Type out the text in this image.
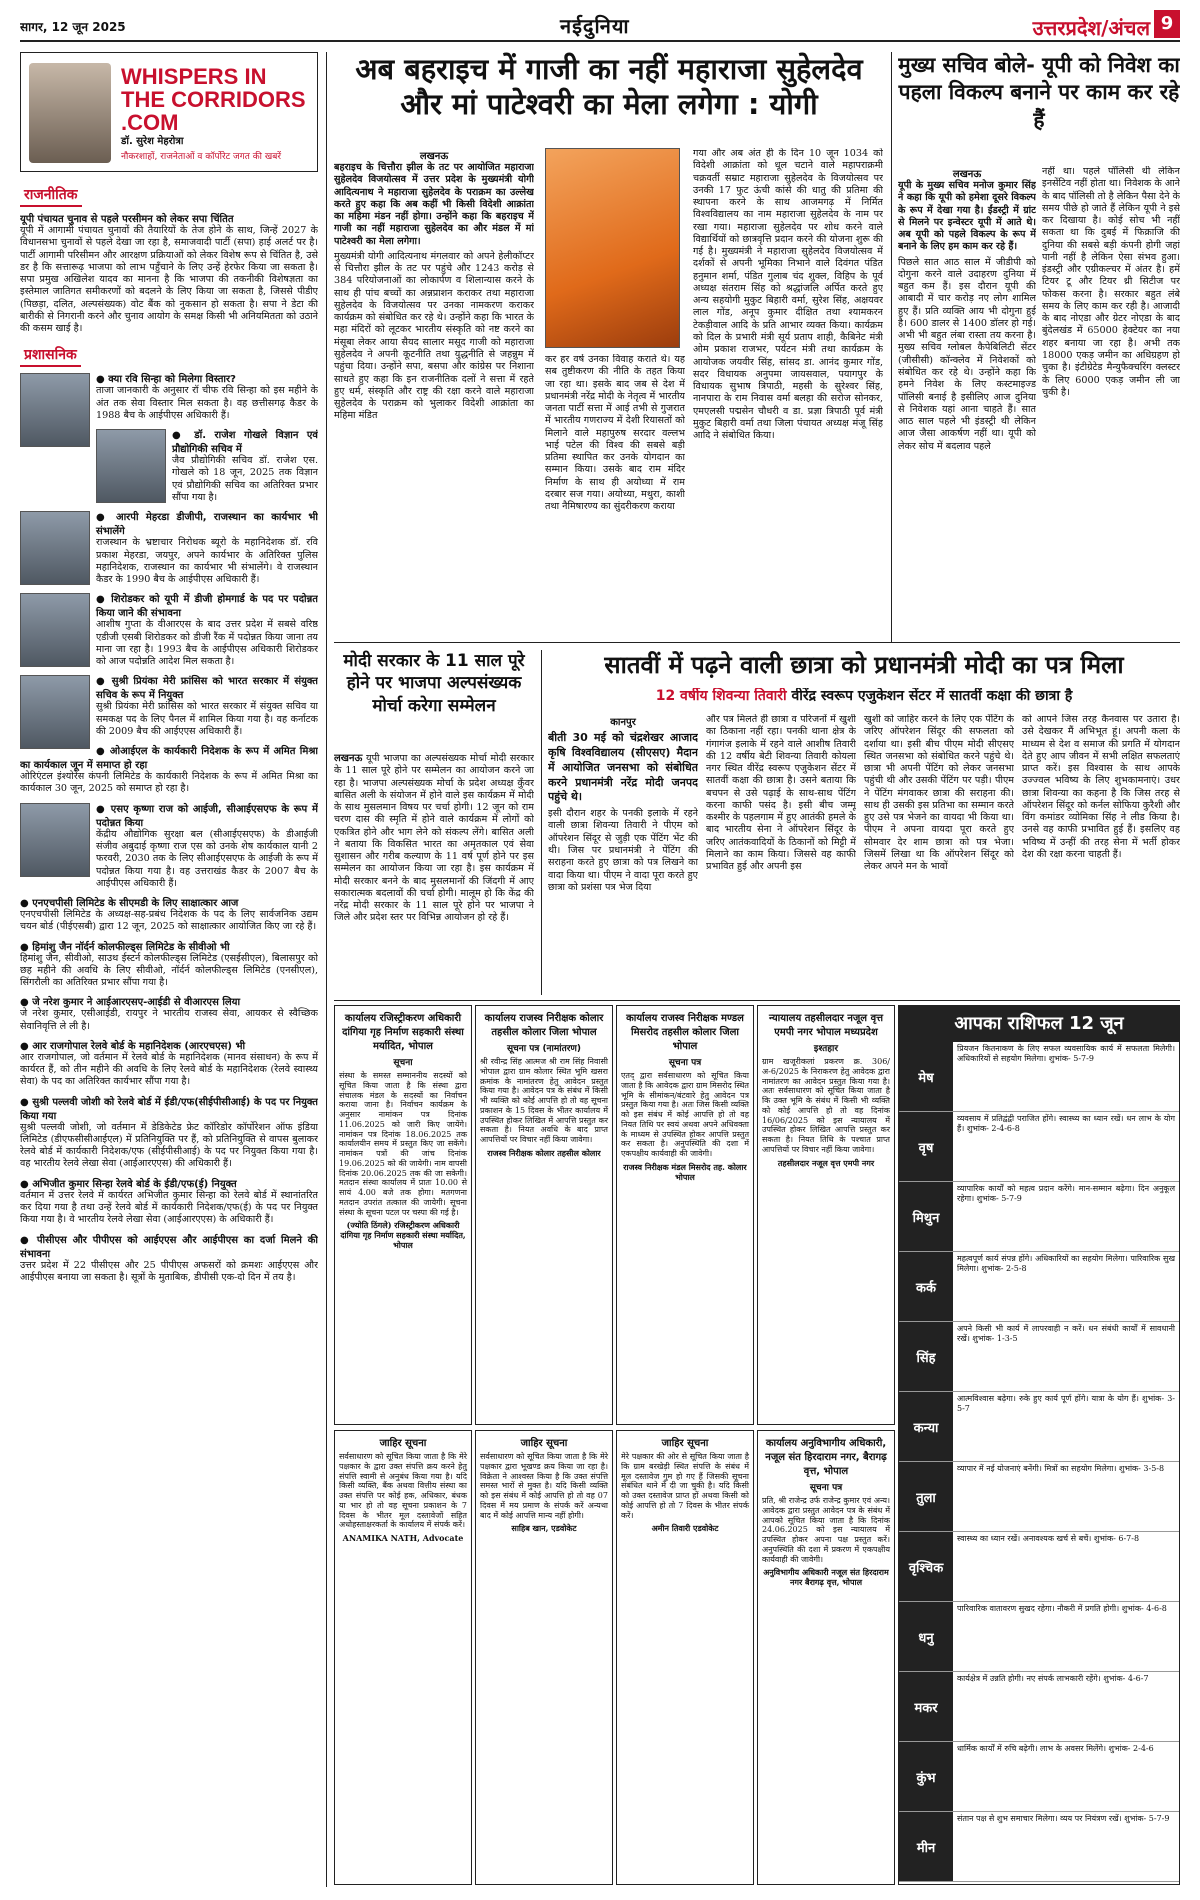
सागर, 12 जून 2025	नईदुनिया	उत्तरप्रदेश/अंचल 9
WHISPERS IN THE CORRIDORS .COM
डॉ. सुरेश मेहरोत्रा
नौकरशाहों, राजनेताओं व कॉर्पोरेट जगत की खबरें
राजनीतिक
यूपी पंचायत चुनाव से पहले परसीमन को लेकर सपा चिंतित
यूपी में आगामी पंचायत चुनावों की तैयारियों के तेज होने के साथ, जिन्हें 2027 के विधानसभा चुनावों से पहले देखा जा रहा है, समाजवादी पार्टी (सपा) हाई अलर्ट पर है। पार्टी आगामी परिसीमन और आरक्षण प्रक्रियाओं को लेकर विशेष रूप से चिंतित है, उसे डर है कि सत्तारूढ़ भाजपा को लाभ पहुँचाने के लिए उन्हें हेरफेर किया जा सकता है। सपा प्रमुख अखिलेश यादव का मानना है कि भाजपा की तकनीकी विशेषज्ञता का इस्तेमाल जातिगत समीकरणों को बदलने के लिए किया जा सकता है, जिससे पीडीए (पिछड़ा, दलित, अल्पसंख्यक) वोट बैंक को नुकसान हो सकता है। सपा ने डेटा की बारीकी से निगरानी करने और चुनाव आयोग के समक्ष किसी भी अनियमितता को उठाने की कसम खाई है।
प्रशासनिक
● क्या रवि सिन्हा को मिलेगा विस्तार?
ताजा जानकारी के अनुसार रॉ चीफ रवि सिन्हा को इस महीने के अंत तक सेवा विस्तार मिल सकता है। वह छत्तीसगढ़ कैडर के 1988 बैच के आईपीएस अधिकारी हैं।
● डॉ. राजेश गोखले विज्ञान एवं प्रौद्योगिकी सचिव में
जैव प्रौद्योगिकी सचिव डॉ. राजेश एस. गोखले को 18 जून, 2025 तक विज्ञान एवं प्रौद्योगिकी सचिव का अतिरिक्त प्रभार सौंपा गया है।
● आरपी मेहरडा डीजीपी, राजस्थान का कार्यभार भी संभालेंगे
राजस्थान के भ्रष्टाचार निरोधक ब्यूरो के महानिदेशक डॉ. रवि प्रकाश मेहरडा, जयपुर, अपने कार्यभार के अतिरिक्त पुलिस महानिदेशक, राजस्थान का कार्यभार भी संभालेंगे। वे राजस्थान कैडर के 1990 बैच के आईपीएस अधिकारी हैं।
● शिरोडकर को यूपी में डीजी होमगार्ड के पद पर पदोन्नत किया जाने की संभावना
आशीष गुप्ता के वीआरएस के बाद उत्तर प्रदेश में सबसे वरिष्ठ एडीजी एसबी शिरोडकर को डीजी रैंक में पदोन्नत किया जाना तय माना जा रहा है। 1993 बैच के आईपीएस अधिकारी शिरोडकर को आज पदोन्नति आदेश मिल सकता है।
● सुश्री प्रियंका मेरी फ्रांसिस को भारत सरकार में संयुक्त सचिव के रूप में नियुक्त
सुश्री प्रियंका मेरी फ्रांसिस को भारत सरकार में संयुक्त सचिव या समकक्ष पद के लिए पैनल में शामिल किया गया है। वह कर्नाटक की 2009 बैच की आईएएस अधिकारी हैं।
● ओआईएल के कार्यकारी निदेशक के रूप में अमित मिश्रा का कार्यकाल जून में समाप्त हो रहा
ओरिएंटल इंश्योरेंस कंपनी लिमिटेड के कार्यकारी निदेशक के रूप में अमित मिश्रा का कार्यकाल 30 जून, 2025 को समाप्त हो रहा है।
● एसए कृष्णा राज को आईजी, सीआईएसएफ के रूप में पदोन्नत किया
केंद्रीय औद्योगिक सुरक्षा बल (सीआईएसएफ) के डीआईजी संजीव अबुदाई कृष्णा राज एस को उनके शेष कार्यकाल यानी 2 फरवरी, 2030 तक के लिए सीआईएसएफ के आईजी के रूप में पदोन्नत किया गया है। वह उत्तराखंड कैडर के 2007 बैच के आईपीएस अधिकारी हैं।
● एनएचपीसी लिमिटेड के सीएमडी के लिए साक्षात्कार आज
एनएचपीसी लिमिटेड के अध्यक्ष-सह-प्रबंध निदेशक के पद के लिए सार्वजनिक उद्यम चयन बोर्ड (पीईएसबी) द्वारा 12 जून, 2025 को साक्षात्कार आयोजित किए जा रहे हैं।
● हिमांशु जैन नॉर्दर्न कोलफील्ड्स लिमिटेड के सीवीओ भी
हिमांशु जैन, सीवीओ, साउथ ईस्टर्न कोलफील्ड्स लिमिटेड (एसईसीएल), बिलासपुर को छह महीने की अवधि के लिए सीवीओ, नॉर्दर्न कोलफील्ड्स लिमिटेड (एनसीएल), सिंगरौली का अतिरिक्त प्रभार सौंपा गया है।
● जे नरेश कुमार ने आईआरएसए-आईडी से वीआरएस लिया
जे नरेश कुमार, एसीआईडी, रायपुर ने भारतीय राजस्व सेवा, आयकर से स्वैच्छिक सेवानिवृत्ति ले ली है।
● आर राजगोपाल रेलवे बोर्ड के महानिदेशक (आरएचएस) भी
आर राजगोपाल, जो वर्तमान में रेलवे बोर्ड के महानिदेशक (मानव संसाधन) के रूप में कार्यरत हैं, को तीन महीने की अवधि के लिए रेलवे बोर्ड के महानिदेशक (रेलवे स्वास्थ्य सेवा) के पद का अतिरिक्त कार्यभार सौंपा गया है।
● सुश्री पल्लवी जोशी को रेलवे बोर्ड में ईडी/एफ(सीईपीसीआई) के पद पर नियुक्त किया गया
सुश्री पल्लवी जोशी, जो वर्तमान में डेडिकेटेड फ्रेट कॉरिडोर कॉर्पोरेशन ऑफ इंडिया लिमिटेड (डीएफसीसीआईएल) में प्रतिनियुक्ति पर हैं, को प्रतिनियुक्ति से वापस बुलाकर रेलवे बोर्ड में कार्यकारी निदेशक/एफ (सीईपीसीआई) के पद पर नियुक्त किया गया है। वह भारतीय रेलवे लेखा सेवा (आईआरएएस) की अधिकारी हैं।
● अभिजीत कुमार सिन्हा रेलवे बोर्ड के ईडी/एफ(ई) नियुक्त
वर्तमान में उत्तर रेलवे में कार्यरत अभिजीत कुमार सिन्हा को रेलवे बोर्ड में स्थानांतरित कर दिया गया है तथा उन्हें रेलवे बोर्ड में कार्यकारी निदेशक/एफ(ई) के पद पर नियुक्त किया गया है। वे भारतीय रेलवे लेखा सेवा (आईआरएएस) के अधिकारी हैं।
● पीसीएस और पीपीएस को आईएएस और आईपीएस का दर्जा मिलने की संभावना
उत्तर प्रदेश में 22 पीसीएस और 25 पीपीएस अफसरों को क्रमशः आईएएस और आईपीएस बनाया जा सकता है। सूत्रों के मुताबिक, डीपीसी एक-दो दिन में तय है।
अब बहराइच में गाजी का नहीं महाराजा सुहेलदेव और मां पाटेश्वरी का मेला लगेगा : योगी
लखनऊ
बहराइच के चित्तौरा झील के तट पर आयोजित महाराजा सुहेलदेव विजयोत्सव में उत्तर प्रदेश के मुख्यमंत्री योगी आदित्यनाथ ने महाराजा सुहेलदेव के पराक्रम का उल्लेख करते हुए कहा कि अब कहीं भी किसी विदेशी आक्रांता का महिमा मंडन नहीं होगा। उन्होंने कहा कि बहराइच में गाजी का नहीं महाराजा सुहेलदेव का और मंडल में मां पाटेश्वरी का मेला लगेगा।
मुख्यमंत्री योगी आदित्यनाथ मंगलवार को अपने हेलीकॉप्टर से चित्तौरा झील के तट पर पहुंचे और 1243 करोड़ से 384 परियोजनाओं का लोकार्पण व शिलान्यास करने के साथ ही पांच बच्चों का अन्नप्राशन कराकर तथा महाराजा सुहेलदेव के विजयोत्सव पर उनका नामकरण कराकर कार्यक्रम को संबोधित कर रहे थे। उन्होंने कहा कि भारत के महा मंदिरों को लूटकर भारतीय संस्कृति को नष्ट करने का मंसूबा लेकर आया सैयद सालार मसूद गाजी को महाराजा सुहेलदेव ने अपनी कूटनीति तथा युद्धनीति से जहन्नुम में पहुंचा दिया। उन्होंने सपा, बसपा और कांग्रेस पर निशाना साधते हुए कहा कि इन राजनीतिक दलों ने सत्ता में रहते हुए धर्म, संस्कृति और राष्ट्र की रक्षा करने वाले महाराजा सुहेलदेव के पराक्रम को भुलाकर विदेशी आक्रांता का महिमा मंडित
कर हर वर्ष उनका विवाह कराते थे। यह सब तुष्टीकरण की नीति के तहत किया जा रहा था। इसके बाद जब से देश में प्रधानमंत्री नरेंद्र मोदी के नेतृत्व में भारतीय जनता पार्टी सत्ता में आई तभी से गुजरात में भारतीय गणराज्य में देशी रियासतों को मिलाने वाले महापुरुष सरदार वल्लभ भाई पटेल की विश्व की सबसे बड़ी प्रतिमा स्थापित कर उनके योगदान का सम्मान किया। उसके बाद राम मंदिर निर्माण के साथ ही अयोध्या में राम दरबार सज गया। अयोध्या, मथुरा, काशी तथा नैमिषारण्य का सुंदरीकरण कराया
गया और अब अंत ही के दिन 10 जून 1034 को विदेशी आक्रांता को धूल चटाने वाले महापराक्रमी चक्रवर्ती सम्राट महाराजा सुहेलदेव के विजयोत्सव पर उनकी 17 फुट ऊंची कांसे की धातु की प्रतिमा की स्थापना करने के साथ आजमगढ़ में निर्मित विश्वविद्यालय का नाम महाराजा सुहेलदेव के नाम पर रखा गया। महाराजा सुहेलदेव पर शोध करने वाले विद्यार्थियों को छात्रवृत्ति प्रदान करने की योजना शुरू की गई है। मुख्यमंत्री ने महाराजा सुहेलदेव विजयोत्सव में दर्शकों से अपनी भूमिका निभाने वाले दिवंगत पंडित हनुमान शर्मा, पंडित गुलाब चंद शुक्ल, विहिप के पूर्व अध्यक्ष संतराम सिंह को श्रद्धांजलि अर्पित करते हुए अन्य सहयोगी मुकुट बिहारी वर्मा, सुरेश सिंह, अक्षयवर लाल गोंड, अनूप कुमार दीक्षित तथा श्यामकरन टेकड़ीवाल आदि के प्रति आभार व्यक्त किया। कार्यक्रम को दिल के प्रभारी मंत्री सूर्य प्रताप शाही, कैबिनेट मंत्री ओम प्रकाश राजभर, पर्यटन मंत्री तथा कार्यक्रम के आयोजक जयवीर सिंह, सांसद डा. आनंद कुमार गोंड, सदर विधायक अनुपमा जायसवाल, पयागपुर के विधायक सुभाष त्रिपाठी, महसी के सुरेश्वर सिंह, नानपारा के राम निवास वर्मा बलहा की सरोज सोनकर, एमएलसी पद्मसेन चौधरी व डा. प्रज्ञा त्रिपाठी पूर्व मंत्री मुकुट बिहारी वर्मा तथा जिला पंचायत अध्यक्ष मंजू सिंह आदि ने संबोधित किया।
मुख्य सचिव बोले- यूपी को निवेश का पहला विकल्प बनाने पर काम कर रहे हैं
लखनऊ
यूपी के मुख्य सचिव मनोज कुमार सिंह ने कहा कि यूपी को हमेशा दूसरे विकल्प के रूप में देखा गया है। ईंडस्ट्री में ग्रांट से मिलने पर इन्वेस्टर यूपी में आते थे। अब यूपी को पहले विकल्प के रूप में बनाने के लिए हम काम कर रहे हैं।
पिछले सात आठ साल में जीडीपी को दोगुना करने वाले उदाहरण दुनिया में बहुत कम हैं। इस दौरान यूपी की आबादी में चार करोड़ नए लोग शामिल हुए हैं। प्रति व्यक्ति आय भी दोगुना हुई है। 600 डालर से 1400 डॉलर हो गई। अभी भी बहुत लंबा रास्ता तय करना है। मुख्य सचिव ग्लोबल कैपेबिलिटी सेंटर (जीसीसी) कॉन्क्लेव में निवेशकों को संबोधित कर रहे थे। उन्होंने कहा कि हमने निवेश के लिए कस्टमाइज्ड पॉलिसी बनाई है इसीलिए आज दुनिया से निवेशक यहां आना चाहते हैं। सात आठ साल पहले भी इंडस्ट्री थी लेकिन आज जैसा आकर्षण नहीं था। यूपी को लेकर सोच में बदलाव पहले
नहीं था। पहले पॉलिसी थी लेकिन इनसेंटिव नहीं होता था। निवेशक के आने के बाद पॉलिसी तो है लेकिन पैसा देने के समय पीछे हो जाते हैं लेकिन यूपी ने इसे कर दिखाया है। कोई सोच भी नहीं सकता था कि दुबई में फिक्राजि की दुनिया की सबसे बड़ी कंपनी होगी जहां पानी नहीं है लेकिन ऐसा संभव हुआ। इंडस्ट्री और एग्रीकल्चर में अंतर है। हमें टियर टू और टियर थ्री सिटीज पर फोकस करना है। सरकार बहुत लंबे समय के लिए काम कर रही है। आजादी के बाद नोएडा और ग्रेटर नोएडा के बाद बुंदेलखंड में 65000 हेक्टेयर का नया शहर बनाया जा रहा है। अभी तक 18000 एकड़ जमीन का अधिग्रहण हो चुका है। इंटीग्रेटेड मैन्युफैक्चरिंग क्लस्टर के लिए 6000 एकड़ जमीन ली जा चुकी है।
मोदी सरकार के 11 साल पूरे होने पर भाजपा अल्पसंख्यक मोर्चा करेगा सम्मेलन
लखनऊ यूपी भाजपा का अल्पसंख्यक मोर्चा मोदी सरकार के 11 साल पूरे होने पर सम्मेलन का आयोजन करने जा रहा है। भाजपा अल्पसंख्यक मोर्चा के प्रदेश अध्यक्ष कुँवर बासित अली के संयोजन में होने वाले इस कार्यक्रम में मोदी के साथ मुसलमान विषय पर चर्चा होगी। 12 जून को राम चरण दास की स्मृति में होने वाले कार्यक्रम में लोगों को एकत्रित होने और भाग लेने को संकल्प लेंगे। बासित अली ने बताया कि विकसित भारत का अमृतकाल एवं सेवा सुशासन और गरीब कल्याण के 11 वर्ष पूर्ण होने पर इस सम्मेलन का आयोजन किया जा रहा है। इस कार्यक्रम में मोदी सरकार बनने के बाद मुसलमानों की जिंदगी में आए सकारात्मक बदलावों की चर्चा होगी। मालूम हो कि केंद्र की नरेंद्र मोदी सरकार के 11 साल पूरे होने पर भाजपा ने जिले और प्रदेश स्तर पर विभिन्न आयोजन हो रहे हैं।
सातवीं में पढ़ने वाली छात्रा को प्रधानमंत्री मोदी का पत्र मिला
12 वर्षीय शिवन्या तिवारी वीरेंद्र स्वरूप एजुकेशन सेंटर में सातवीं कक्षा की छात्रा है
कानपुर
बीती 30 मई को चंद्रशेखर आजाद कृषि विश्वविद्यालय (सीएसए) मैदान में आयोजित जनसभा को संबोधित करने प्रधानमंत्री नरेंद्र मोदी जनपद पहुंचे थे।
इसी दौरान शहर के पनकी इलाके में रहने वाली छात्रा शिवन्या तिवारी ने पीएम को ऑपरेशन सिंदूर से जुड़ी एक पेंटिंग भेंट की थी। जिस पर प्रधानमंत्री ने पेंटिंग की सराहना करते हुए छात्रा को पत्र लिखने का वादा किया था। पीएम ने वादा पूरा करते हुए छात्रा को प्रशंसा पत्र भेज दिया
और पत्र मिलते ही छात्रा व परिजनों में खुशी का ठिकाना नहीं रहा। पनकी थाना क्षेत्र के गंगागंज इलाके में रहने वाले आशीष तिवारी की 12 वर्षीय बेटी शिवन्या तिवारी कोयला नगर स्थित वीरेंद्र स्वरूप एजुकेशन सेंटर में सातवीं कक्षा की छात्रा है। उसने बताया कि बचपन से उसे पढ़ाई के साथ-साथ पेंटिंग करना काफी पसंद है। इसी बीच जम्मू कश्मीर के पहलगाम में हुए आतंकी हमले के बाद भारतीय सेना ने ऑपरेशन सिंदूर के जरिए आतंकवादियों के ठिकानों को मिट्टी में मिलाने का काम किया। जिससे वह काफी प्रभावित हुई और अपनी इस
खुशी को जाहिर करने के लिए एक पेंटिंग के जरिए ऑपरेशन सिंदूर की सफलता को दर्शाया था। इसी बीच पीएम मोदी सीएसए स्थित जनसभा को संबोधित करने पहुंचे थे। छात्रा भी अपनी पेंटिंग को लेकर जनसभा पहुंची थी और उसकी पेंटिंग पर पड़ी। पीएम ने पेंटिंग मंगवाकर छात्रा की सराहना की। साथ ही उसकी इस प्रतिभा का सम्मान करते हुए उसे पत्र भेजने का वायदा भी किया था। पीएम ने अपना वायदा पूरा करते हुए सोमवार देर शाम छात्रा को पत्र भेजा। जिसमें लिखा था कि ऑपरेशन सिंदूर को लेकर अपने मन के भावों
को आपने जिस तरह कैनवास पर उतारा है। उसे देखकर मैं अभिभूत हूं। अपनी कला के माध्यम से देश व समाज की प्रगति में योगदान देते हुए आप जीवन में सभी लक्षित सफलताएं प्राप्त करें। इस विश्वास के साथ आपके उज्ज्वल भविष्य के लिए शुभकामनाएं। उधर छात्रा शिवन्या का कहना है कि जिस तरह से ऑपरेशन सिंदूर को कर्नल सोफिया कुरैशी और विंग कमांडर व्योमिका सिंह ने लीड किया है। उनसे वह काफी प्रभावित हुई हैं। इसलिए वह भविष्य में उन्हीं की तरह सेना में भर्ती होकर देश की रक्षा करना चाहती हैं।
कार्यालय रजिस्ट्रीकरण अधिकारी दांगिया गृह निर्माण सहकारी संस्था मर्यादित, भोपाल
सूचना
संस्था के समस्त सम्माननीय सदस्यों को सूचित किया जाता है कि संस्था द्वारा संचालक मंडल के सदस्यों का निर्वाचन कराया जाना है। निर्वाचन कार्यक्रम के अनुसार नामांकन पत्र दिनांक 11.06.2025 को जारी किए जायेंगे। नामांकन पत्र दिनांक 18.06.2025 तक कार्यालयीन समय में प्रस्तुत किए जा सकेंगे। नामांकन पत्रों की जांच दिनांक 19.06.2025 को की जायेगी। नाम वापसी दिनांक 20.06.2025 तक की जा सकेगी। मतदान संस्था कार्यालय में प्रातः 10.00 से सायं 4.00 बजे तक होगा। मतगणना मतदान उपरांत तत्काल की जायेगी। सूचना संस्था के सूचना पटल पर चस्पा की गई है।
(ज्योति ठिंगले) रजिस्ट्रीकरण अधिकारी दांगिया गृह निर्माण सहकारी संस्था मर्यादित, भोपाल
कार्यालय राजस्व निरीक्षक कोलार तहसील कोलार जिला भोपाल
सूचना पत्र (नामांतरण)
श्री रवीन्द्र सिंह आत्मज श्री राम सिंह निवासी भोपाल द्वारा ग्राम कोलार स्थित भूमि खसरा क्रमांक के नामांतरण हेतु आवेदन प्रस्तुत किया गया है। आवेदन पत्र के संबंध में किसी भी व्यक्ति को कोई आपत्ति हो तो वह सूचना प्रकाशन के 15 दिवस के भीतर कार्यालय में उपस्थित होकर लिखित में आपत्ति प्रस्तुत कर सकता है। नियत अवधि के बाद प्राप्त आपत्तियों पर विचार नहीं किया जावेगा।
राजस्व निरीक्षक कोलार तहसील कोलार
कार्यालय राजस्व निरीक्षक मण्डल मिसरोद तहसील कोलार जिला भोपाल
सूचना पत्र
एतद् द्वारा सर्वसाधारण को सूचित किया जाता है कि आवेदक द्वारा ग्राम मिसरोद स्थित भूमि के सीमांकन/बंटवारे हेतु आवेदन पत्र प्रस्तुत किया गया है। अतः जिस किसी व्यक्ति को इस संबंध में कोई आपत्ति हो तो वह नियत तिथि पर स्वयं अथवा अपने अधिवक्ता के माध्यम से उपस्थित होकर आपत्ति प्रस्तुत कर सकता है। अनुपस्थिति की दशा में एकपक्षीय कार्यवाही की जावेगी।
राजस्व निरीक्षक मंडल मिसरोद तह. कोलार भोपाल
न्यायालय तहसीलदार नजूल वृत्त एमपी नगर भोपाल मध्यप्रदेश
इश्तहार
ग्राम खजूरीकलां प्रकरण क्र. 306/अ-6/2025 के निराकरण हेतु आवेदक द्वारा नामांतरण का आवेदन प्रस्तुत किया गया है। अतः सर्वसाधारण को सूचित किया जाता है कि उक्त भूमि के संबंध में किसी भी व्यक्ति को कोई आपत्ति हो तो वह दिनांक 16/06/2025 को इस न्यायालय में उपस्थित होकर लिखित आपत्ति प्रस्तुत कर सकता है। नियत तिथि के पश्चात प्राप्त आपत्तियों पर विचार नहीं किया जावेगा।
तहसीलदार नजूल वृत्त एमपी नगर
जाहिर सूचना
सर्वसाधारण को सूचित किया जाता है कि मेरे पक्षकार के द्वारा उक्त संपत्ति क्रय करने हेतु संपत्ति स्वामी से अनुबंध किया गया है। यदि किसी व्यक्ति, बैंक अथवा वित्तीय संस्था का उक्त संपत्ति पर कोई हक, अधिकार, बंधक या भार हो तो वह सूचना प्रकाशन के 7 दिवस के भीतर मूल दस्तावेजों सहित अधोहस्ताक्षरकर्ता के कार्यालय में संपर्क करें।
ANAMIKA NATH, Advocate
जाहिर सूचना
सर्वसाधारण को सूचित किया जाता है कि मेरे पक्षकार द्वारा भूखण्ड क्रय किया जा रहा है। विक्रेता ने आश्वस्त किया है कि उक्त संपत्ति समस्त भारों से मुक्त है। यदि किसी व्यक्ति को इस संबंध में कोई आपत्ति हो तो वह 07 दिवस में मय प्रमाण के संपर्क करें अन्यथा बाद में कोई आपत्ति मान्य नहीं होगी।
साहिब खान, एडवोकेट
जाहिर सूचना
मेरे पक्षकार की ओर से सूचित किया जाता है कि ग्राम बरखेड़ी स्थित संपत्ति के संबंध में मूल दस्तावेज गुम हो गए हैं जिसकी सूचना संबंधित थाने में दी जा चुकी है। यदि किसी को उक्त दस्तावेज प्राप्त हों अथवा किसी को कोई आपत्ति हो तो 7 दिवस के भीतर संपर्क करें।
अमीन तिवारी एडवोकेट
कार्यालय अनुविभागीय अधिकारी, नजूल संत हिरदाराम नगर, बैरागढ़ वृत्त, भोपाल
सूचना पत्र
प्रति, श्री राजेन्द्र उर्फ राजेन्द्र कुमार एवं अन्य। आवेदक द्वारा प्रस्तुत आवेदन पत्र के संबंध में आपको सूचित किया जाता है कि दिनांक 24.06.2025 को इस न्यायालय में उपस्थित होकर अपना पक्ष प्रस्तुत करें। अनुपस्थिति की दशा में प्रकरण में एकपक्षीय कार्यवाही की जावेगी।
अनुविभागीय अधिकारी नजूल संत हिरदाराम नगर बैरागढ़ वृत्त, भोपाल
आपका राशिफल 12 जून
मेष
प्रियजन कितनाकण के लिए सफल व्यवसायिक कार्य में सफलता मिलेगी। अधिकारियों से सहयोग मिलेगा। शुभांक- 5-7-9
वृष
व्यवसाय में प्रतिद्वंद्वी पराजित होंगे। स्वास्थ्य का ध्यान रखें। धन लाभ के योग हैं। शुभांक- 2-4-6-8
मिथुन
व्यापारिक कार्यों को महत्व प्रदान करेंगे। मान-सम्मान बढ़ेगा। दिन अनुकूल रहेगा। शुभांक- 5-7-9
कर्क
महत्वपूर्ण कार्य संपन्न होंगे। अधिकारियों का सहयोग मिलेगा। पारिवारिक सुख मिलेगा। शुभांक- 2-5-8
सिंह
अपने किसी भी कार्य में लापरवाही न करें। धन संबंधी कार्यों में सावधानी रखें। शुभांक- 1-3-5
कन्या
आत्मविश्वास बढ़ेगा। रुके हुए कार्य पूर्ण होंगे। यात्रा के योग हैं। शुभांक- 3-5-7
तुला
व्यापार में नई योजनाएं बनेंगी। मित्रों का सहयोग मिलेगा। शुभांक- 3-5-8
वृश्चिक
स्वास्थ्य का ध्यान रखें। अनावश्यक खर्च से बचें। शुभांक- 6-7-8
धनु
पारिवारिक वातावरण सुखद रहेगा। नौकरी में प्रगति होगी। शुभांक- 4-6-8
मकर
कार्यक्षेत्र में उन्नति होगी। नए संपर्क लाभकारी रहेंगे। शुभांक- 4-6-7
कुंभ
धार्मिक कार्यों में रुचि बढ़ेगी। लाभ के अवसर मिलेंगे। शुभांक- 2-4-6
मीन
संतान पक्ष से शुभ समाचार मिलेगा। व्यय पर नियंत्रण रखें। शुभांक- 5-7-9
